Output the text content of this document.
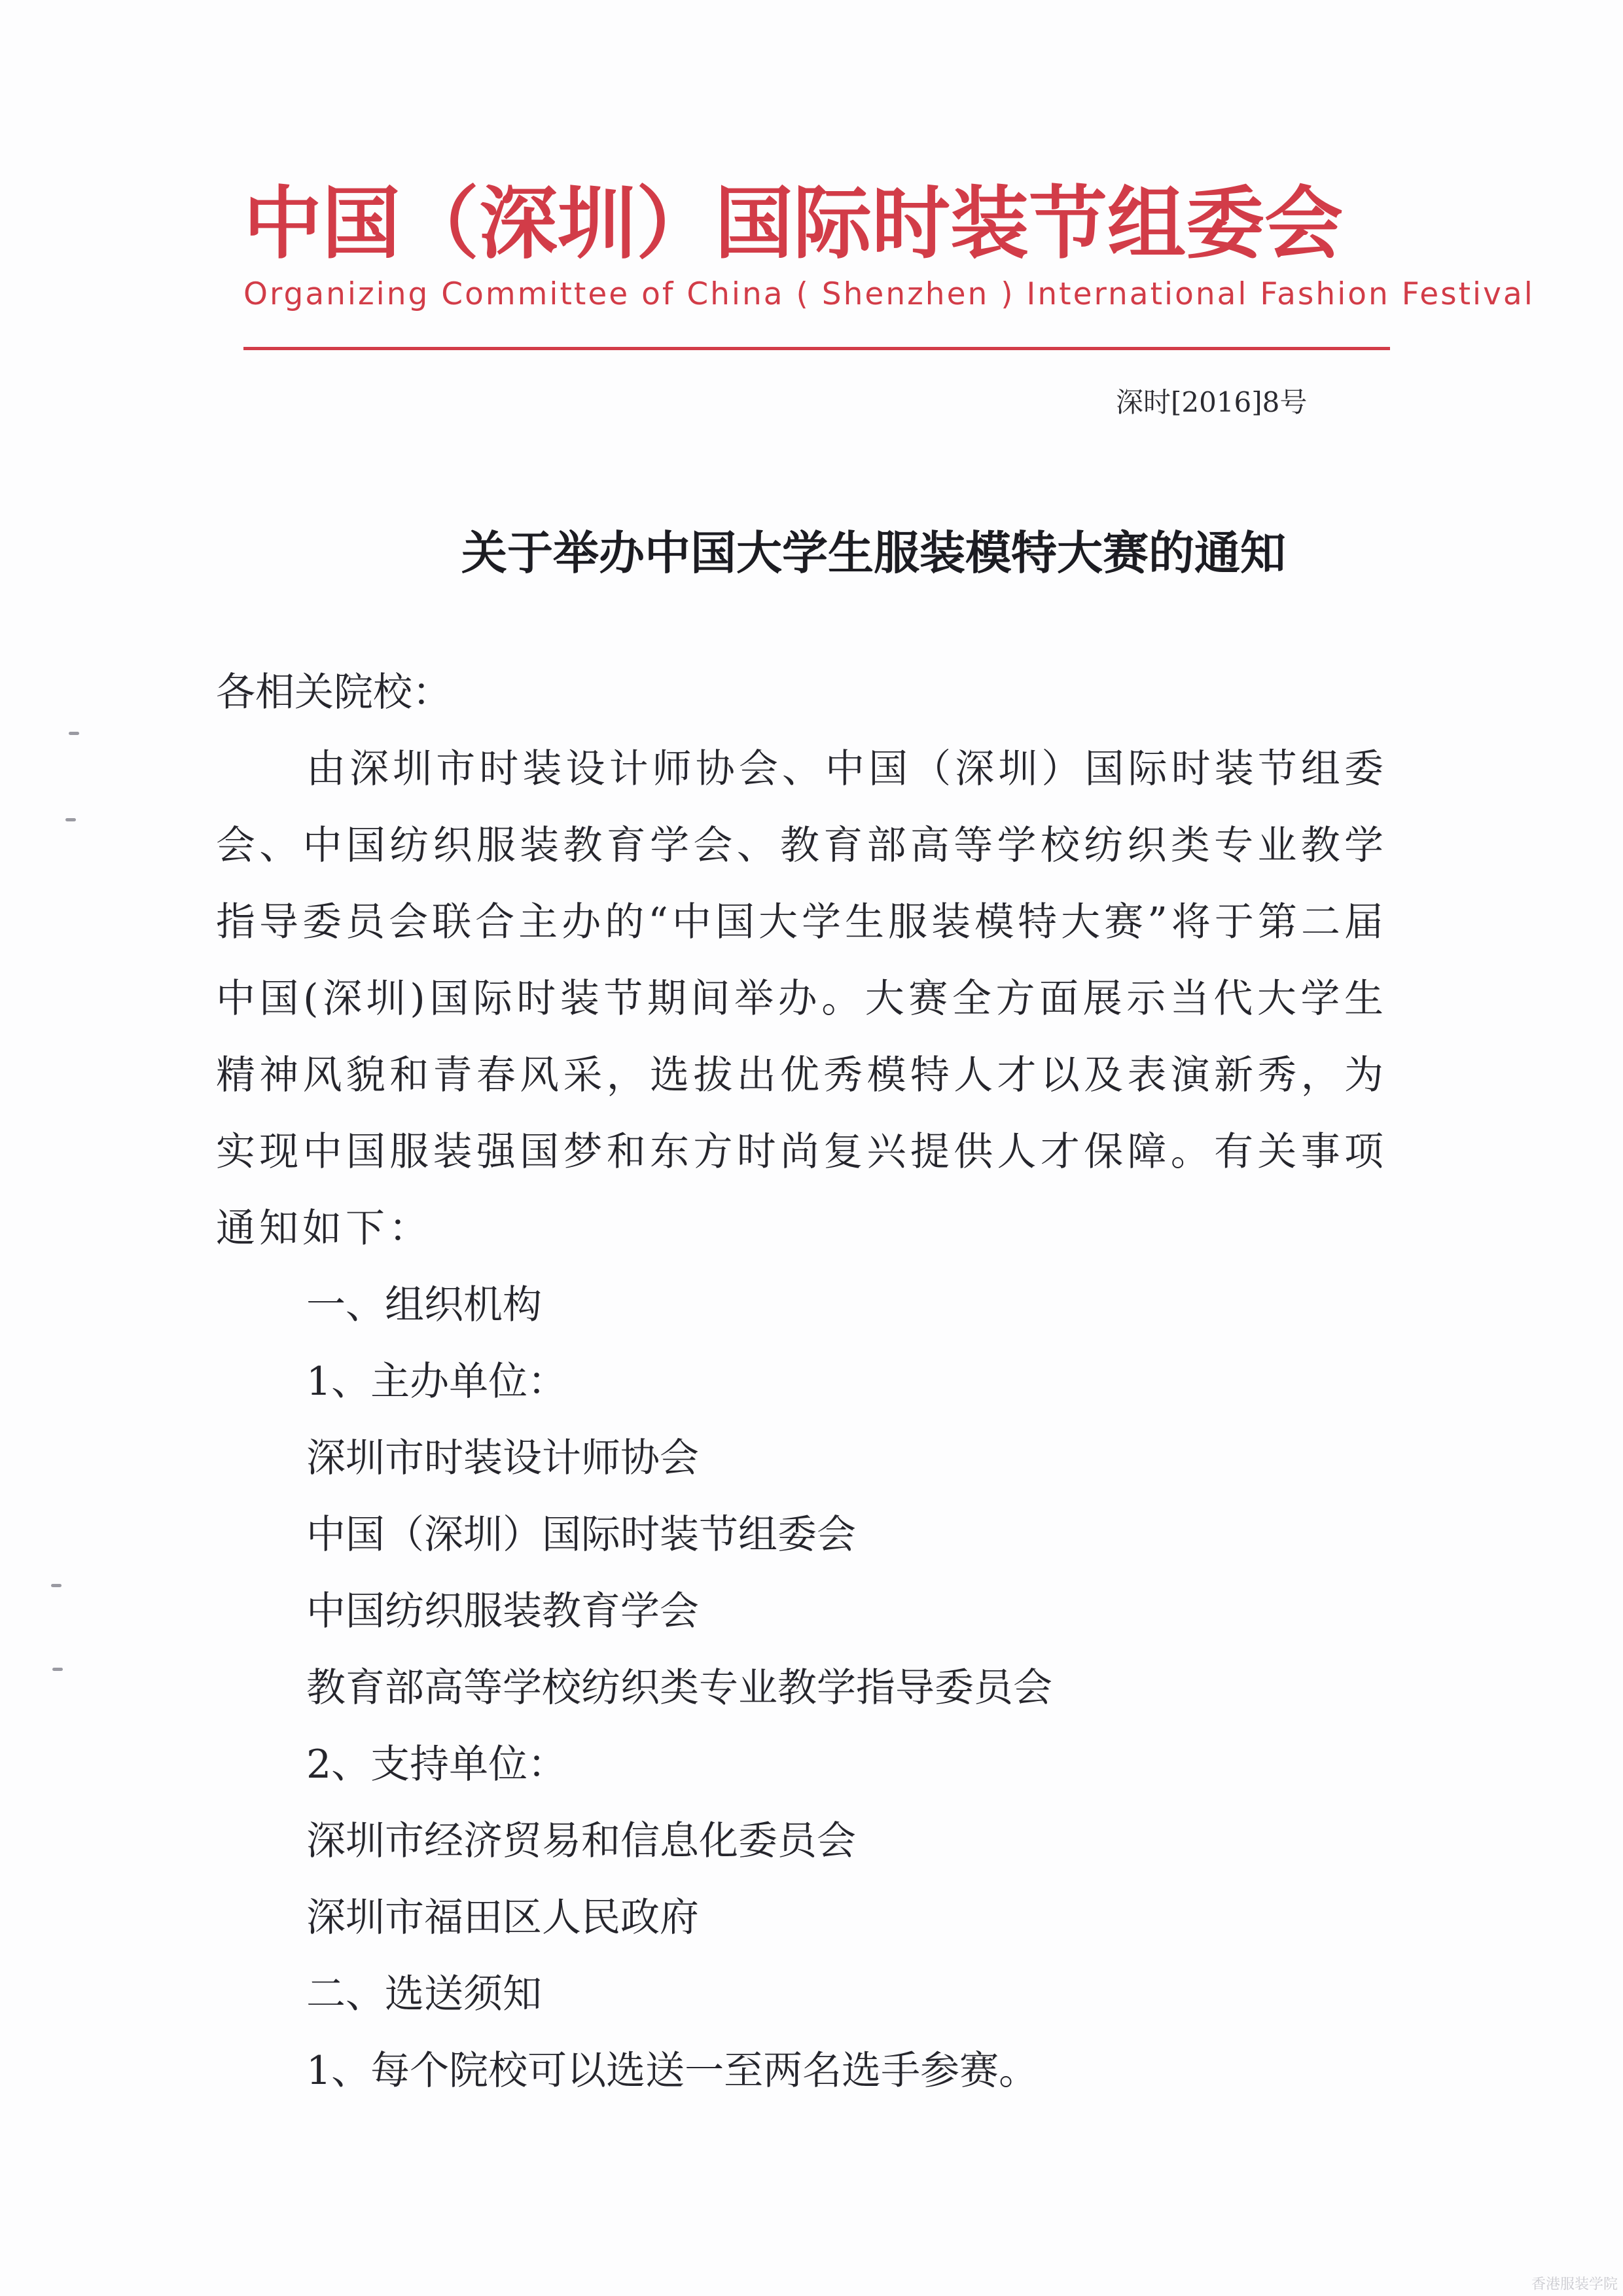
中国（深圳）国际时装节组委会
Organizing Committee of China ( Shenzhen ) International Fashion Festival
深时[2016]8号
关于举办中国大学生服装模特大赛的通知
各相关院校：

由深圳市时装设计师协会、中国（深圳）国际时装节组委会、中国纺织服装教育学会、教育部高等学校纺织类专业教学指导委员会联合主办的“中国大学生服装模特大赛”将于第二届中国(深圳)国际时装节期间举办。大赛全方面展示当代大学生精神风貌和青春风采，选拔出优秀模特人才以及表演新秀，为实现中国服装强国梦和东方时尚复兴提供人才保障。有关事项通知如下：

一、组织机构
1、主办单位：
深圳市时装设计师协会
中国（深圳）国际时装节组委会
中国纺织服装教育学会
教育部高等学校纺织类专业教学指导委员会
2、支持单位：
深圳市经济贸易和信息化委员会
深圳市福田区人民政府
二、选送须知
1、每个院校可以选送一至两名选手参赛。
香港服装学院
